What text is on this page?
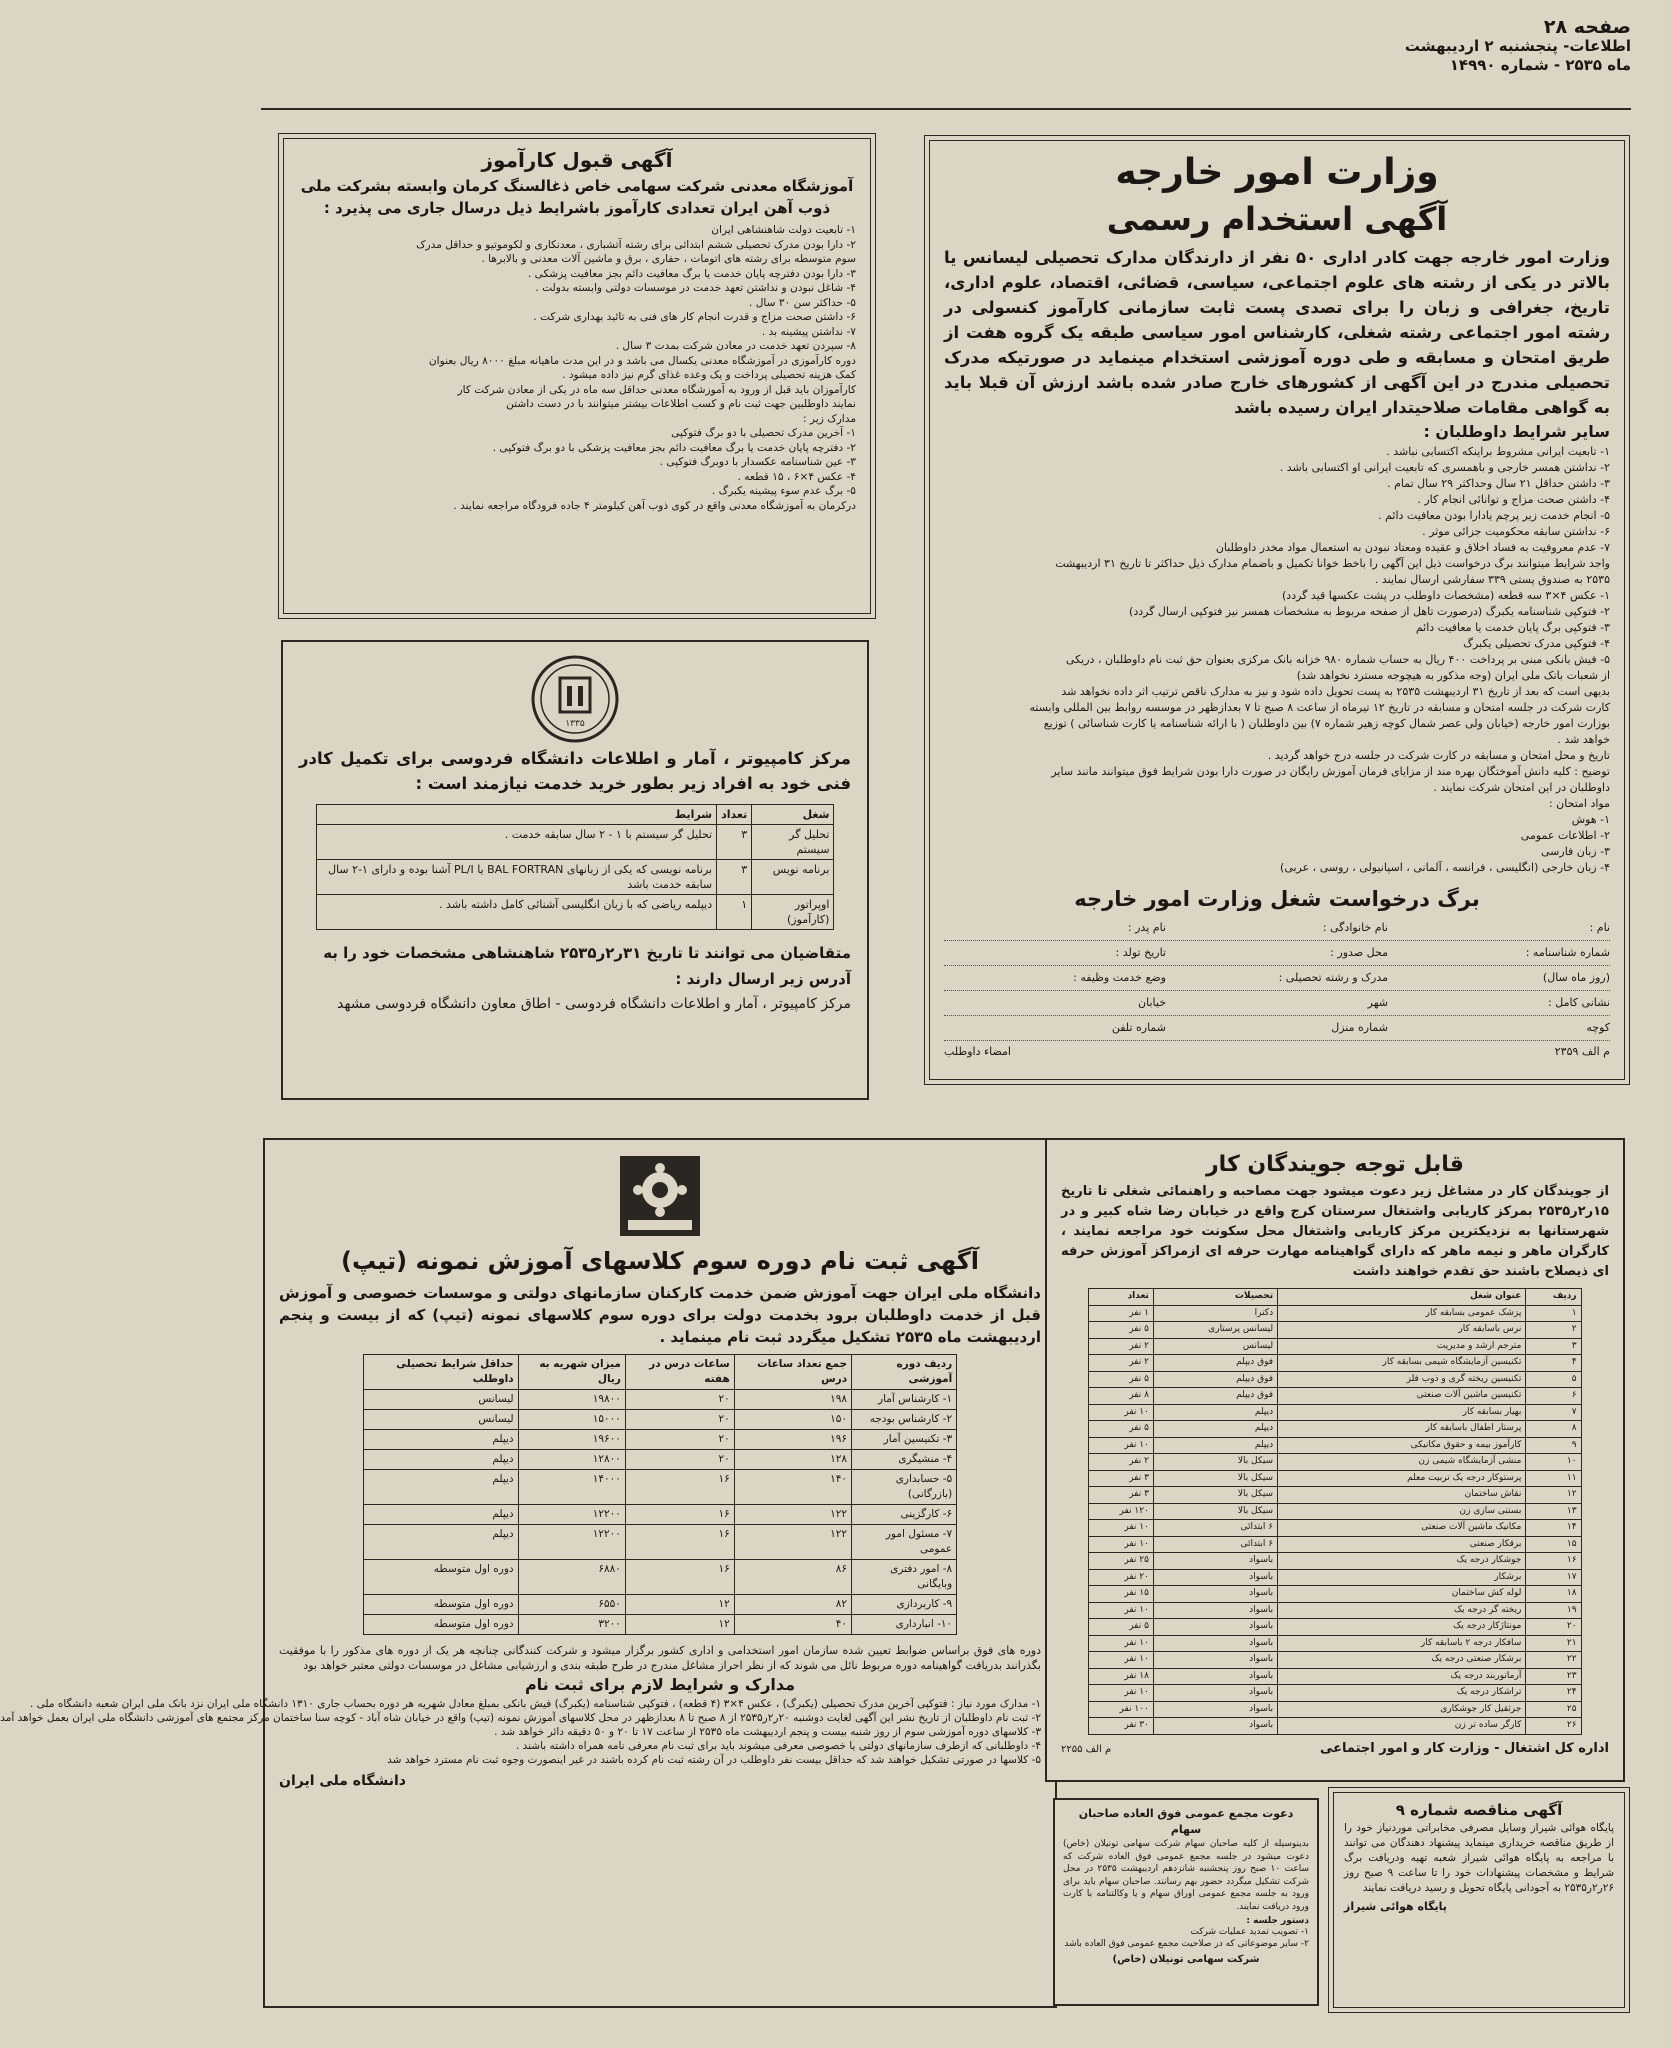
صفحه ۲۸
اطلاعات- پنجشنبه ۲ اردیبهشت
ماه ۲۵۳۵ - شماره ۱۴۹۹۰
وزارت امور خارجه
آگهی استخدام رسمی

وزارت امور خارجه جهت کادر اداری ۵۰ نفر از دارندگان مدارک تحصیلی لیسانس یا بالاتر در یکی از رشته های علوم اجتماعی، سیاسی، قضائی، اقتصاد، علوم اداری، تاریخ، جغرافی و زبان را برای تصدی پست ثابت سازمانی کارآموز کنسولی در رشته امور اجتماعی رشته شغلی، کارشناس امور سیاسی طبقه یک گروه هفت از طریق امتحان و مسابقه و طی دوره آموزشی استخدام مینماید در صورتیکه مدرک تحصیلی مندرج در این آگهی از کشورهای خارج صادر شده باشد ارزش آن قبلا باید به گواهی مقامات صلاحیتدار ایران رسیده باشد

سایر شرایط داوطلبان :
۱- تابعیت ایرانی مشروط براینکه اکتسابی نباشد .
۲- نداشتن همسر خارجی و باهمسری که تابعیت ایرانی او اکتسابی باشد .
۳- داشتن حداقل ۲۱ سال وحداکثر ۲۹ سال تمام .
۴- داشتن صحت مزاج و توانائی انجام کار .
۵- انجام خدمت زیر پرچم یادارا بودن معافیت دائم .
۶- نداشتن سابقه محکومیت جزائی موثر .
۷- عدم معروفیت به فساد اخلاق و عقیده ومعتاد نبودن به استعمال مواد مخدر داوطلبان
واجد شرایط میتوانند برگ درخواست ذیل این آگهی را باخط خوانا تکمیل و باضمام مدارک ذیل حداکثر تا تاریخ ۳۱ اردیبهشت
۲۵۳۵ به صندوق پستی ۳۳۹ سفارشی ارسال نمایند .
۱- عکس ۴×۳ سه قطعه (مشخصات داوطلب در پشت عکسها قید گردد)
۲- فتوکپی شناسنامه یکبرگ (درصورت تاهل از صفحه مربوط به مشخصات همسر نیز فتوکپی ارسال گردد)
۳- فتوکپی برگ پایان خدمت یا معافیت دائم
۴- فتوکپی مدرک تحصیلی یکبرگ
۵- فیش بانکی مبنی بر پرداخت ۴۰۰ ریال به حساب شماره ۹۸۰ خزانه بانک مرکزی بعنوان حق ثبت نام داوطلبان ، دریکی
از شعبات بانک ملی ایران (وجه مذکور به هیچوجه مسترد نخواهد شد)
بدیهی است که بعد از تاریخ ۳۱ اردیبهشت ۲۵۳۵ به پست تحویل داده شود و نیز به مدارک ناقص ترتیب اثر داده نخواهد شد
کارت شرکت در جلسه امتحان و مسابقه در تاریخ ۱۲ تیرماه از ساعت ۸ صبح تا ۷ بعدازظهر در موسسه روابط بین المللی وابسته
بوزارت امور خارجه (خیابان ولی عصر شمال کوچه زهیر شماره ۷) بین داوطلبان ( با ارائه شناسنامه یا کارت شناسائی ) توزیع
خواهد شد .
تاریخ و محل امتحان و مسابقه در کارت شرکت در جلسه درج خواهد گردید .
توضیح : کلیه دانش آموختگان بهره مند از مزایای فرمان آموزش رایگان در صورت دارا بودن شرایط فوق میتوانند مانند سایر
داوطلبان در این امتحان شرکت نمایند .
مواد امتحان :
۱- هوش
۲- اطلاعات عمومی
۳- زبان فارسی
۴- زبان خارجی (انگلیسی ، فرانسه ، آلمانی ، اسپانیولی ، روسی ، عربی)
برگ درخواست شغل وزارت امور خارجه
نام :
نام خانوادگی :
نام پدر :
شماره شناسنامه :
محل صدور :
تاریخ تولد :
(روز ماه سال)
مدرک و رشته تحصیلی :
وضع خدمت وظیفه :
نشانی کامل :
شهر
خیابان
کوچه
شماره منزل
شماره تلفن
م الف ۲۳۵۹
امضاء داوطلب
آگهی قبول کارآموز

آموزشگاه معدنی شرکت سهامی خاص ذغالسنگ کرمان وابسته بشرکت ملی ذوب آهن ایران تعدادی کارآموز باشرایط ذیل درسال جاری می پذیرد :

۱- تابعیت دولت شاهنشاهی ایران
۲- دارا بودن مدرک تحصیلی ششم ابتدائی برای رشته آتشباری ، معدنکاری و لکوموتیو و حداقل مدرک
سوم متوسطه برای رشته های اتومات ، حفاری ، برق و ماشین آلات معدنی و بالابرها .
۳- دارا بودن دفترچه پایان خدمت یا برگ معافیت دائم بجز معافیت پزشکی .
۴- شاغل نبودن و نداشتن تعهد خدمت در موسسات دولتی وابسته بدولت .
۵- حداکثر سن ۳۰ سال .
۶- داشتن صحت مزاج و قدرت انجام کار های فنی به تائید بهداری شرکت .
۷- نداشتن پیشینه بد .
۸- سپردن تعهد خدمت در معادن شرکت بمدت ۳ سال .
دوره کارآموزی در آموزشگاه معدنی یکسال می باشد و در این مدت ماهیانه مبلغ ۸۰۰۰ ریال بعنوان
کمک هزینه تحصیلی پرداخت و یک وعده غذای گرم نیز داده میشود .
کارآموزان باید قبل از ورود به آموزشگاه معدنی حداقل سه ماه در یکی از معادن شرکت کار
نمایند داوطلبین جهت ثبت نام و کسب اطلاعات بیشتر میتوانند با در دست داشتن
مدارک زیر :
۱- آخرین مدرک تحصیلی با دو برگ فتوکپی
۲- دفترچه پایان خدمت یا برگ معافیت دائم بجز معافیت پزشکی با دو برگ فتوکپی .
۳- عین شناسنامه عکسدار با دوبرگ فتوکپی .
۴- عکس ۴×۶ ، ۱۵ قطعه .
۵- برگ عدم سوء پیشینه یکبرگ .
درکرمان به آموزشگاه معدنی واقع در کوی ذوب آهن کیلومتر ۴ جاده فرودگاه مراجعه نمایند .
۱۳۳۵

مرکز کامپیوتر ، آمار و اطلاعات دانشگاه فردوسی برای تکمیل کادر فنی خود به افراد زیر بطور خرید خدمت نیازمند است :

شغل	تعداد	شرایط
تحلیل گر سیستم	۳	تحلیل گر سیستم با ۱ - ۲ سال سابقه خدمت .
برنامه نویس	۳	برنامه نویسی که یکی از زبانهای BAL FORTRAN یا PL/I آشنا بوده و دارای ۱-۲ سال سابقه خدمت باشد
اوپراتور (کارآموز)	۱	دیپلمه ریاضی که با زبان انگلیسی آشنائی کامل داشته باشد .

متقاضیان می توانند تا تاریخ ۳۱ر۲ر۲۵۳۵ شاهنشاهی مشخصات خود را به آدرس زیر ارسال دارند :

مرکز کامپیوتر ، آمار و اطلاعات دانشگاه فردوسی - اطاق معاون دانشگاه فردوسی مشهد

آگهی ثبت نام دوره سوم کلاسهای آموزش نمونه (تیپ)

دانشگاه ملی ایران جهت آموزش ضمن خدمت کارکنان سازمانهای دولتی و موسسات خصوصی و آموزش قبل از خدمت داوطلبان برود بخدمت دولت برای دوره سوم کلاسهای نمونه (تیپ) که از بیست و پنجم اردیبهشت ماه ۲۵۳۵ تشکیل میگردد ثبت نام مینماید .

ردیف دوره آموزشی	جمع تعداد ساعات درس	ساعات درس در هفته	میزان شهریه به ریال	حداقل شرایط تحصیلی داوطلب
۱- کارشناس آمار	۱۹۸	۲۰	۱۹۸۰۰	لیسانس
۲- کارشناس بودجه	۱۵۰	۲۰	۱۵۰۰۰	لیسانس
۳- تکنیسین آمار	۱۹۶	۲۰	۱۹۶۰۰	دیپلم
۴- منشیگری	۱۲۸	۲۰	۱۲۸۰۰	دیپلم
۵- حسابداری (بازرگانی)	۱۴۰	۱۶	۱۴۰۰۰	دیپلم
۶- کارگزینی	۱۲۲	۱۶	۱۲۲۰۰	دیپلم
۷- مسئول امور عمومی	۱۲۲	۱۶	۱۲۲۰۰	دیپلم
۸- امور دفتری وبایگانی	۸۶	۱۶	۶۸۸۰	دوره اول متوسطه
۹- کاربردازی	۸۲	۱۲	۶۵۵۰	دوره اول متوسطه
۱۰- انبارداری	۴۰	۱۲	۳۲۰۰	دوره اول متوسطه

دوره های فوق براساس ضوابط تعیین شده سازمان امور استخدامی و اداری کشور برگزار میشود و شرکت کنندگانی چنانچه هر یک از دوره های مذکور را با موفقیت بگذرانند بدریافت گواهینامه دوره مربوط نائل می شوند که از نظر احراز مشاغل مندرج در طرح طبقه بندی و ارزشیابی مشاغل در موسسات دولتی معتبر خواهد بود

مدارک و شرایط لازم برای ثبت نام
۱- مدارک مورد نیاز : فتوکپی آخرین مدرک تحصیلی (یکبرگ) ، عکس ۴×۳ (۴ قطعه) ، فتوکپی شناسنامه (یکبرگ) فیش بانکی بمبلغ معادل شهریه هر دوره بحساب جاری ۱۳۱۰ دانشگاه ملی ایران نزد بانک ملی ایران شعبه دانشگاه ملی .
۲- ثبت نام داوطلبان از تاریخ نشر این آگهی لغایت دوشنبه ۲۰ر۲ر۲۵۳۵ از ۸ صبح تا ۸ بعدازظهر در محل کلاسهای آموزش نمونه (تیپ) واقع در خیابان شاه آباد - کوچه سنا ساختمان مرکز مجتمع های آموزشی دانشگاه ملی ایران بعمل خواهد آمد
۳- کلاسهای دوره آموزشی سوم از روز شنبه بیست و پنجم اردیبهشت ماه ۲۵۳۵ از ساعت ۱۷ تا ۲۰ و ۵۰ دقیقه دائر خواهد شد .
۴- داوطلبانی که ازطرف سازمانهای دولتی یا خصوصی معرفی میشوند باید برای ثبت نام معرفی نامه همراه داشته باشند .
۵- کلاسها در صورتی تشکیل خواهند شد که حداقل بیست نفر داوطلب در آن رشته ثبت نام کرده باشند در غیر اینصورت وجوه ثبت نام مسترد خواهد شد
دانشگاه ملی ایران
قابل توجه جویندگان کار

از جویندگان کار در مشاغل زیر دعوت میشود جهت مصاحبه و راهنمائی شغلی تا تاریخ ۱۵ر۲ر۲۵۳۵ بمرکز کاریابی واشتغال سرستان کرج واقع در خیابان رضا شاه کبیر و در شهرستانها به نزدیکترین مرکز کاریابی واشتغال محل سکونت خود مراجعه نمایند ، کارگران ماهر و نیمه ماهر که دارای گواهینامه مهارت حرفه ای ازمراکز آموزش حرفه ای ذیصلاح باشند حق تقدم خواهند داشت

ردیف	عنوان شغل	تحصیلات	تعداد
۱	پزشک عمومی بسابقه کار	دکترا	۱ نفر
۲	نرس باسابقه کار	لیسانس پرستاری	۵ نفر
۳	مترجم ارشد و مدیریت	لیسانس	۲ نفر
۴	تکنیسین آزمایشگاه شیمی بسابقه کار	فوق دیپلم	۲ نفر
۵	تکنیسین ریخته گری و ذوب فلز	فوق دیپلم	۵ نفر
۶	تکنیسین ماشین آلات صنعتی	فوق دیپلم	۸ نفر
۷	بهیار بسابقه کار	دیپلم	۱۰ نفر
۸	پرستار اطفال باسابقه کار	دیپلم	۵ نفر
۹	کارآموز بیمه و حقوق مکانیکی	دیپلم	۱۰ نفر
۱۰	منشی آزمایشگاه شیمی زن	سیکل بالا	۲ نفر
۱۱	پرستوکار درجه یک تربیت معلم	سیکل بالا	۳ نفر
۱۲	نقاش ساختمان	سیکل بالا	۳ نفر
۱۳	بستنی سازی زن	سیکل بالا	۱۲۰ نفر
۱۴	مکانیک ماشین آلات صنعتی	۶ ابتدائی	۱۰ نفر
۱۵	برقکار صنعتی	۶ ابتدائی	۱۰ نفر
۱۶	جوشکار درجه یک	باسواد	۲۵ نفر
۱۷	برشکار	باسواد	۲۰ نفر
۱۸	لوله کش ساختمان	باسواد	۱۵ نفر
۱۹	ریخته گر درجه یک	باسواد	۱۰ نفر
۲۰	مونتاژکار درجه یک	باسواد	۵ نفر
۲۱	سافکار درجه ۲ باسابقه کار	باسواد	۱۰ نفر
۲۲	برشکار صنعتی درجه یک	باسواد	۱۰ نفر
۲۳	آرماتوربند درجه یک	باسواد	۱۸ نفر
۲۴	تراشکار درجه یک	باسواد	۱۰ نفر
۲۵	جرثقیل کار جوشکاری	باسواد	۱۰۰ نفر
۲۶	کارگر ساده تر زن	باسواد	۳۰ نفر
اداره کل اشتغال - وزارت کار و امور اجتماعی
م الف ۲۲۵۵
دعوت مجمع عمومی فوق العاده صاحبان سهام

بدینوسیله از کلیه صاحبان سهام شرکت سهامی تونیلان (خاص) دعوت میشود در جلسه مجمع عمومی فوق العاده شرکت که ساعت ۱۰ صبح روز پنجشنبه شانزدهم اردیبهشت ۲۵۳۵ در محل شرکت تشکیل میگردد حضور بهم رسانند. صاحبان سهام باید برای ورود به جلسه مجمع عمومی اوراق سهام و یا وکالتنامه با کارت ورود دریافت نمایند.

دستور جلسه :
۱- تصویب تمدید عملیات شرکت
۲- سایر موضوعاتی که در صلاحیت مجمع عمومی فوق العاده باشد
شرکت سهامی تونیلان (خاص)
آگهی مناقصه شماره ۹

پایگاه هوائی شیراز وسایل مصرفی مخابراتی موردنیاز خود را از طریق مناقصه خریداری مینماید پیشنهاد دهندگان می توانند با مراجعه به پایگاه هوائی شیراز شعبه تهیه ودریافت برگ شرایط و مشخصات پیشنهادات خود را تا ساعت ۹ صبح روز ۲۶ر۲ر۲۵۳۵ به آجودانی پایگاه تحویل و رسید دریافت نمایند

پایگاه هوائی شیراز
